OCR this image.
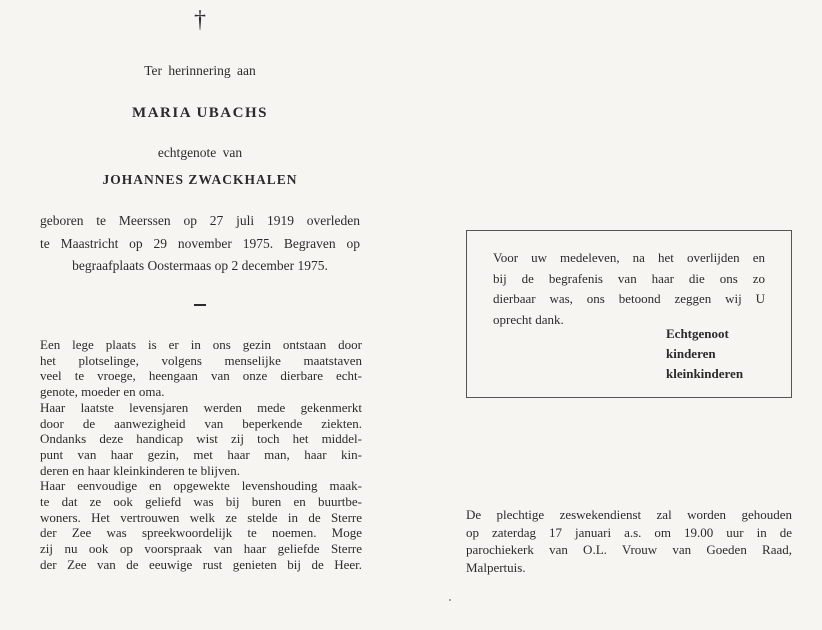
†
Ter herinnering aan
MARIA UBACHS
echtgenote van
JOHANNES ZWACKHALEN
geboren te Meerssen op 27 juli 1919 overleden
te Maastricht op 29 november 1975. Begraven op
begraafplaats Oostermaas op 2 december 1975.
Een lege plaats is er in ons gezin ontstaan door
het plotselinge, volgens menselijke maatstaven
veel te vroege, heengaan van onze dierbare echt-
genote, moeder en oma.
Haar laatste levensjaren werden mede gekenmerkt
door de aanwezigheid van beperkende ziekten.
Ondanks deze handicap wist zij toch het middel-
punt van haar gezin, met haar man, haar kin-
deren en haar kleinkinderen te blijven.
Haar eenvoudige en opgewekte levenshouding maak-
te dat ze ook geliefd was bij buren en buurtbe-
woners. Het vertrouwen welk ze stelde in de Sterre
der Zee was spreekwoordelijk te noemen. Moge
zij nu ook op voorspraak van haar geliefde Sterre
der Zee van de eeuwige rust genieten bij de Heer.
Voor uw medeleven, na het overlijden en
bij de begrafenis van haar die ons zo
dierbaar was, ons betoond zeggen wij U
oprecht dank.
Echtgenoot
kinderen
kleinkinderen
De plechtige zeswekendienst zal worden gehouden
op zaterdag 17 januari a.s. om 19.00 uur in de
parochiekerk van O.L. Vrouw van Goeden Raad,
Malpertuis.
